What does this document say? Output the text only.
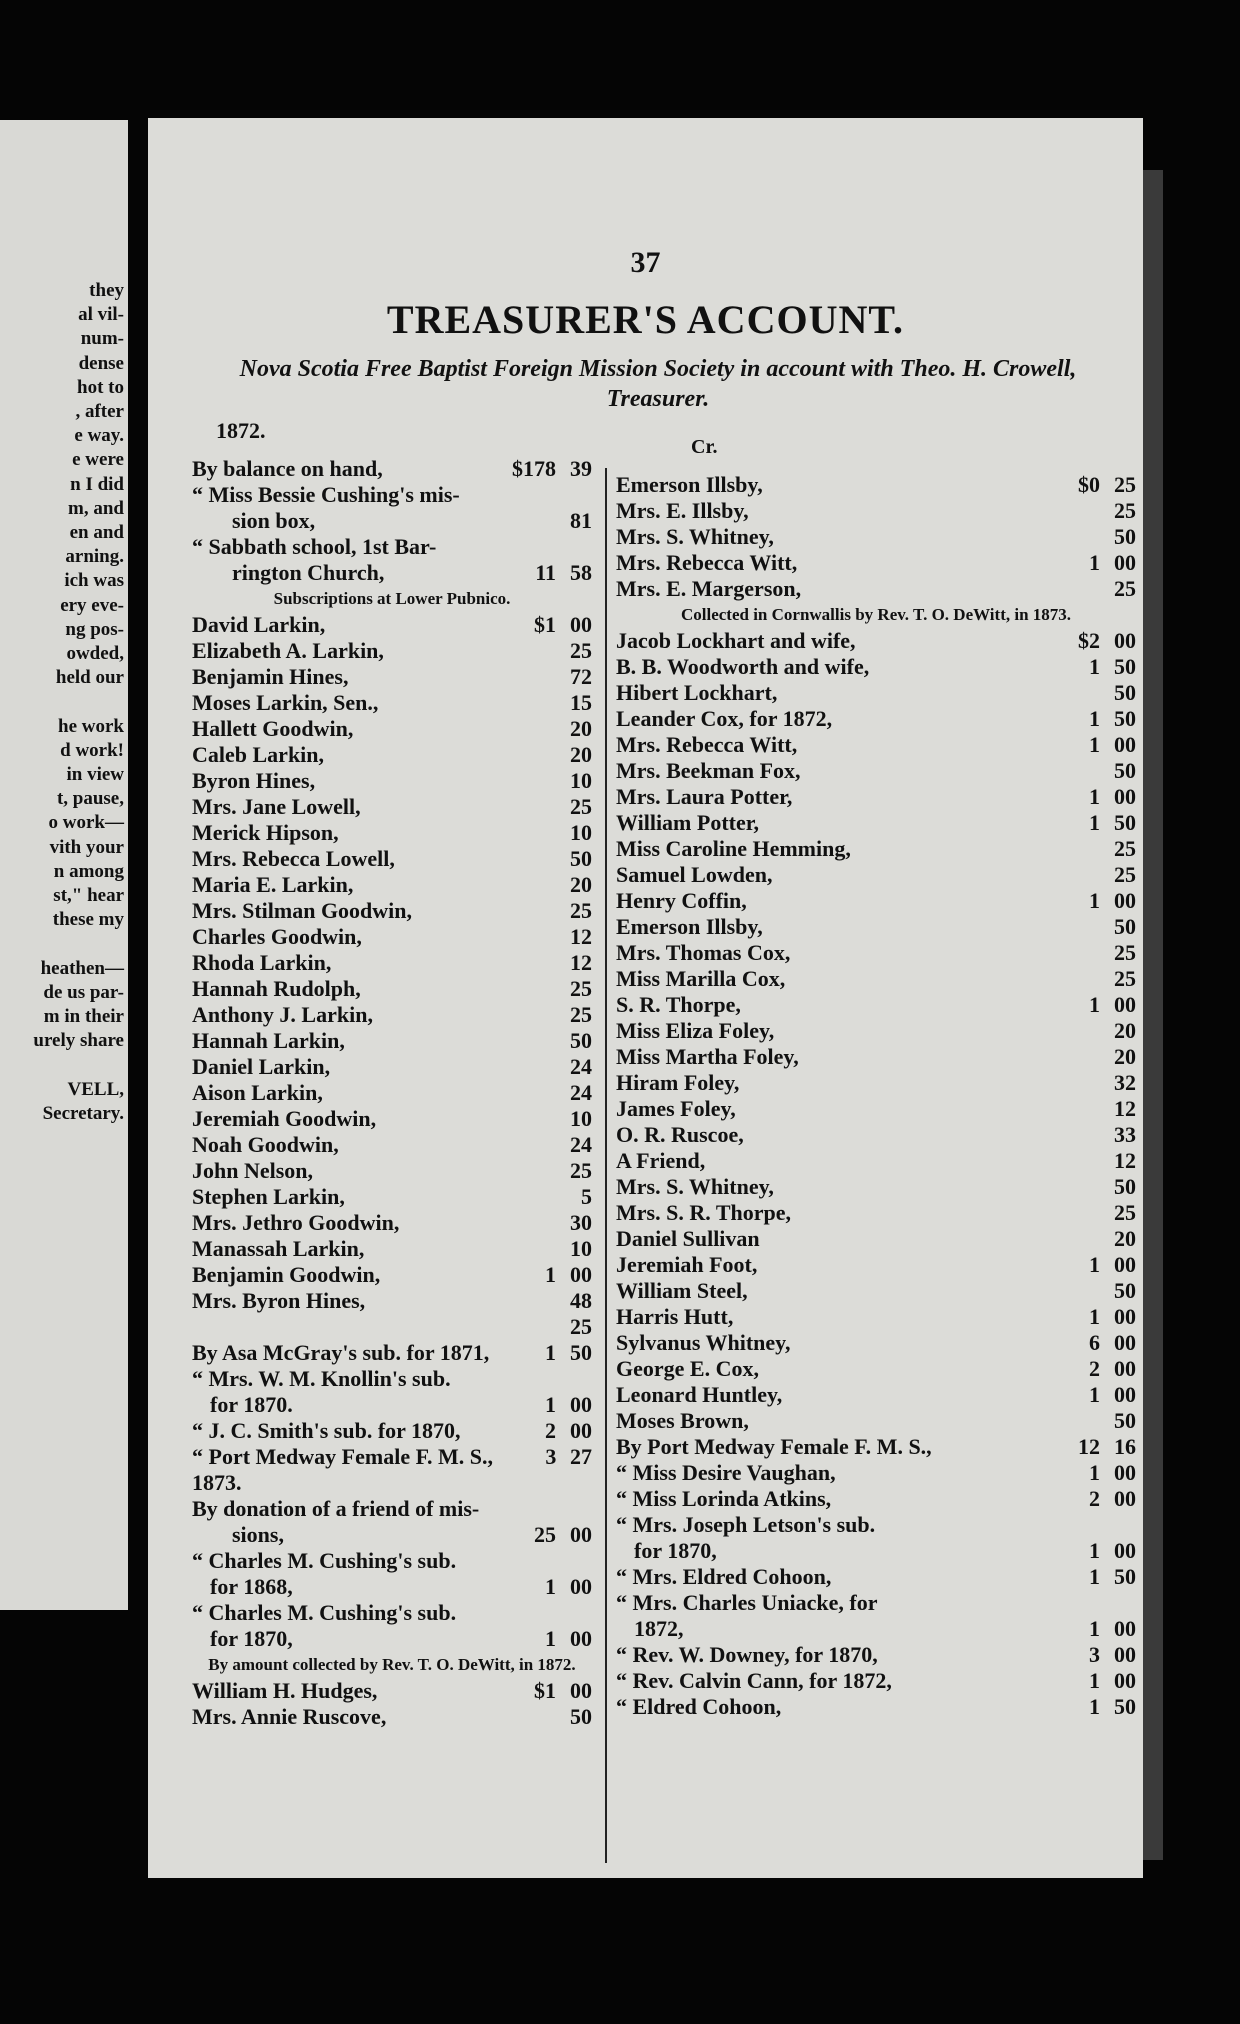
they
al vil-
num-
dense
hot to
, after
e way.
e were
n I did
m, and
en and
arning.
ich was
ery eve-
ng pos-
owded,
held our
he work
d work!
in view
t, pause,
o work—
vith your
n among
st," hear
these my
heathen—
de us par-
m in their
urely share
VELL,
Secretary.
37
TREASURER'S ACCOUNT.
Nova Scotia Free Baptist Foreign Mission Society in account with Theo. H. Crowell, Treasurer.
1872.
Cr.
By balance on hand,	$178 39
“ Miss Bessie Cushing's mis-
sion box,	81
“ Sabbath school, 1st Bar-
rington Church,	11 58
Subscriptions at Lower Pubnico.
David Larkin,	$1 00
Elizabeth A. Larkin,	25
Benjamin Hines,	72
Moses Larkin, Sen.,	15
Hallett Goodwin,	20
Caleb Larkin,	20
Byron Hines,	10
Mrs. Jane Lowell,	25
Merick Hipson,	10
Mrs. Rebecca Lowell,	50
Maria E. Larkin,	20
Mrs. Stilman Goodwin,	25
Charles Goodwin,	12
Rhoda Larkin,	12
Hannah Rudolph,	25
Anthony J. Larkin,	25
Hannah Larkin,	50
Daniel Larkin,	24
Aison Larkin,	24
Jeremiah Goodwin,	10
Noah Goodwin,	24
John Nelson,	25
Stephen Larkin,	5
Mrs. Jethro Goodwin,	30
Manassah Larkin,	10
Benjamin Goodwin,	1 00
Mrs. Byron Hines,	48
25
By Asa McGray's sub. for 1871,	1 50
“ Mrs. W. M. Knollin's sub.
for 1870.	1 00
“ J. C. Smith's sub. for 1870,	2 00
“ Port Medway Female F. M. S.,	3 27
1873.
By donation of a friend of mis-
sions,	25 00
“ Charles M. Cushing's sub.
for 1868,	1 00
“ Charles M. Cushing's sub.
for 1870,	1 00
By amount collected by Rev. T. O. DeWitt, in 1872.
William H. Hudges,	$1 00
Mrs. Annie Ruscove,	50
Emerson Illsby,	$0 25
Mrs. E. Illsby,	25
Mrs. S. Whitney,	50
Mrs. Rebecca Witt,	1 00
Mrs. E. Margerson,	25
Collected in Cornwallis by Rev. T. O. DeWitt, in 1873.
Jacob Lockhart and wife,	$2 00
B. B. Woodworth and wife,	1 50
Hibert Lockhart,	50
Leander Cox, for 1872,	1 50
Mrs. Rebecca Witt,	1 00
Mrs. Beekman Fox,	50
Mrs. Laura Potter,	1 00
William Potter,	1 50
Miss Caroline Hemming,	25
Samuel Lowden,	25
Henry Coffin,	1 00
Emerson Illsby,	50
Mrs. Thomas Cox,	25
Miss Marilla Cox,	25
S. R. Thorpe,	1 00
Miss Eliza Foley,	20
Miss Martha Foley,	20
Hiram Foley,	32
James Foley,	12
O. R. Ruscoe,	33
A Friend,	12
Mrs. S. Whitney,	50
Mrs. S. R. Thorpe,	25
Daniel Sullivan	20
Jeremiah Foot,	1 00
William Steel,	50
Harris Hutt,	1 00
Sylvanus Whitney,	6 00
George E. Cox,	2 00
Leonard Huntley,	1 00
Moses Brown,	50
By Port Medway Female F. M. S.,	12 16
“ Miss Desire Vaughan,	1 00
“ Miss Lorinda Atkins,	2 00
“ Mrs. Joseph Letson's sub.
for 1870,	1 00
“ Mrs. Eldred Cohoon,	1 50
“ Mrs. Charles Uniacke, for
1872,	1 00
“ Rev. W. Downey, for 1870,	3 00
“ Rev. Calvin Cann, for 1872,	1 00
“ Eldred Cohoon,	1 50
